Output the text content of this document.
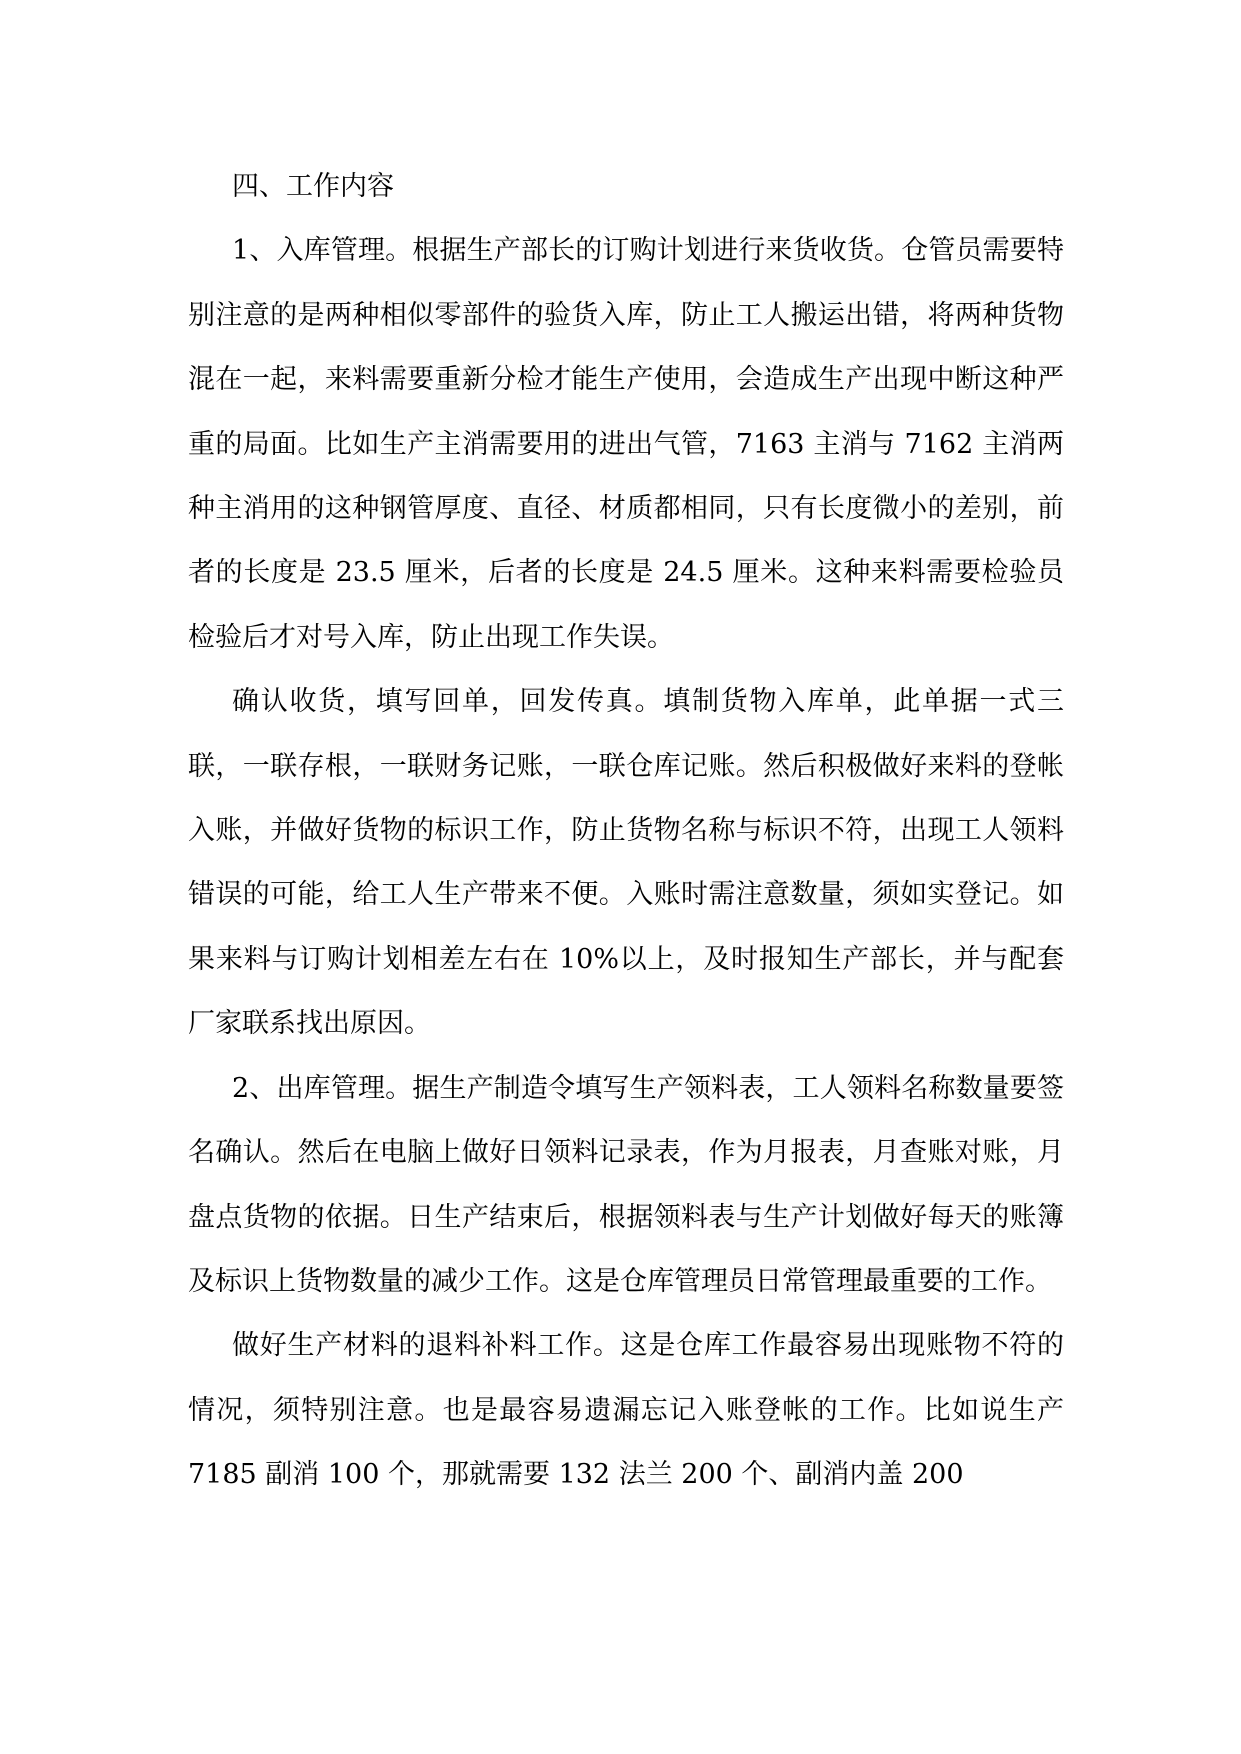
四、工作内容

1、入库管理。根据生产部长的订购计划进行来货收货。仓管员需要特别注意的是两种相似零部件的验货入库，防止工人搬运出错，将两种货物混在一起，来料需要重新分检才能生产使用，会造成生产出现中断这种严重的局面。比如生产主消需要用的进出气管，7163 主消与 7162 主消两种主消用的这种钢管厚度、直径、材质都相同，只有长度微小的差别，前者的长度是 23.5 厘米，后者的长度是 24.5 厘米。这种来料需要检验员检验后才对号入库，防止出现工作失误。

确认收货，填写回单，回发传真。填制货物入库单，此单据一式三联，一联存根，一联财务记账，一联仓库记账。然后积极做好来料的登帐入账，并做好货物的标识工作，防止货物名称与标识不符，出现工人领料错误的可能，给工人生产带来不便。入账时需注意数量，须如实登记。如果来料与订购计划相差左右在 10%以上，及时报知生产部长，并与配套厂家联系找出原因。

2、出库管理。据生产制造令填写生产领料表，工人领料名称数量要签名确认。然后在电脑上做好日领料记录表，作为月报表，月查账对账，月盘点货物的依据。日生产结束后，根据领料表与生产计划做好每天的账簿及标识上货物数量的减少工作。这是仓库管理员日常管理最重要的工作。

做好生产材料的退料补料工作。这是仓库工作最容易出现账物不符的情况，须特别注意。也是最容易遗漏忘记入账登帐的工作。比如说生产 7185 副消 100 个，那就需要 132 法兰 200 个、副消内盖 200
